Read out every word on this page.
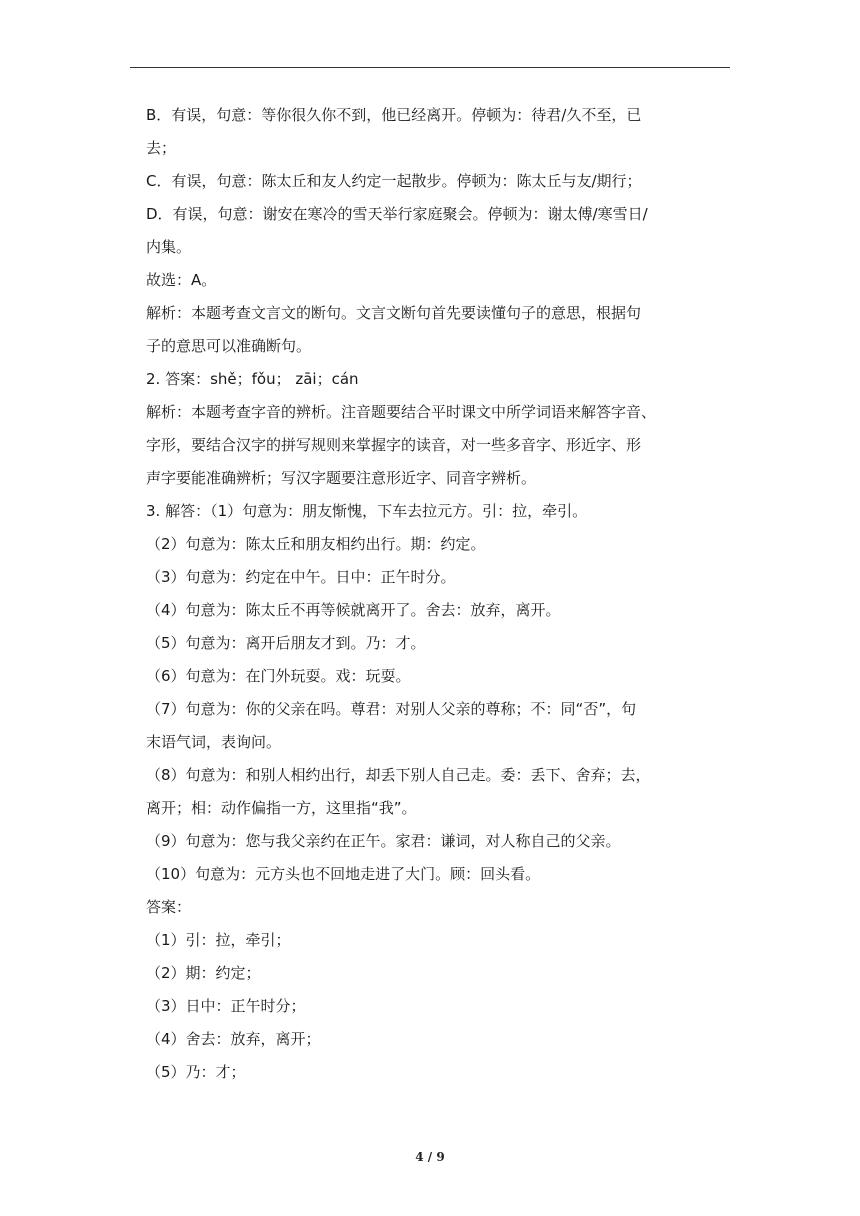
B．有误，句意：等你很久你不到，他已经离开。停顿为：待君/久不至，已
去；
C．有误，句意：陈太丘和友人约定一起散步。停顿为：陈太丘与友/期行；
D．有误，句意：谢安在寒冷的雪天举行家庭聚会。停顿为：谢太傅/寒雪日/
内集。
故选：A。
解析：本题考查文言文的断句。文言文断句首先要读懂句子的意思，根据句
子的意思可以准确断句。
2. 答案：shě；fǒu； zāi；cán
解析：本题考查字音的辨析。注音题要结合平时课文中所学词语来解答字音、
字形，要结合汉字的拼写规则来掌握字的读音，对一些多音字、形近字、形
声字要能准确辨析；写汉字题要注意形近字、同音字辨析。
3. 解答：（1）句意为：朋友惭愧，下车去拉元方。引：拉，牵引。
（2）句意为：陈太丘和朋友相约出行。期：约定。
（3）句意为：约定在中午。日中：正午时分。
（4）句意为：陈太丘不再等候就离开了。舍去：放弃，离开。
（5）句意为：离开后朋友才到。乃：才。
（6）句意为：在门外玩耍。戏：玩耍。
（7）句意为：你的父亲在吗。尊君：对别人父亲的尊称；不：同“否”，句
末语气词，表询问。
（8）句意为：和别人相约出行，却丢下别人自己走。委：丢下、舍弃；去，
离开；相：动作偏指一方，这里指“我”。
（9）句意为：您与我父亲约在正午。家君：谦词，对人称自己的父亲。
（10）句意为：元方头也不回地走进了大门。顾：回头看。
答案：
（1）引：拉，牵引；
（2）期：约定；
（3）日中：正午时分；
（4）舍去：放弃，离开；
（5）乃：才；
4 / 9
